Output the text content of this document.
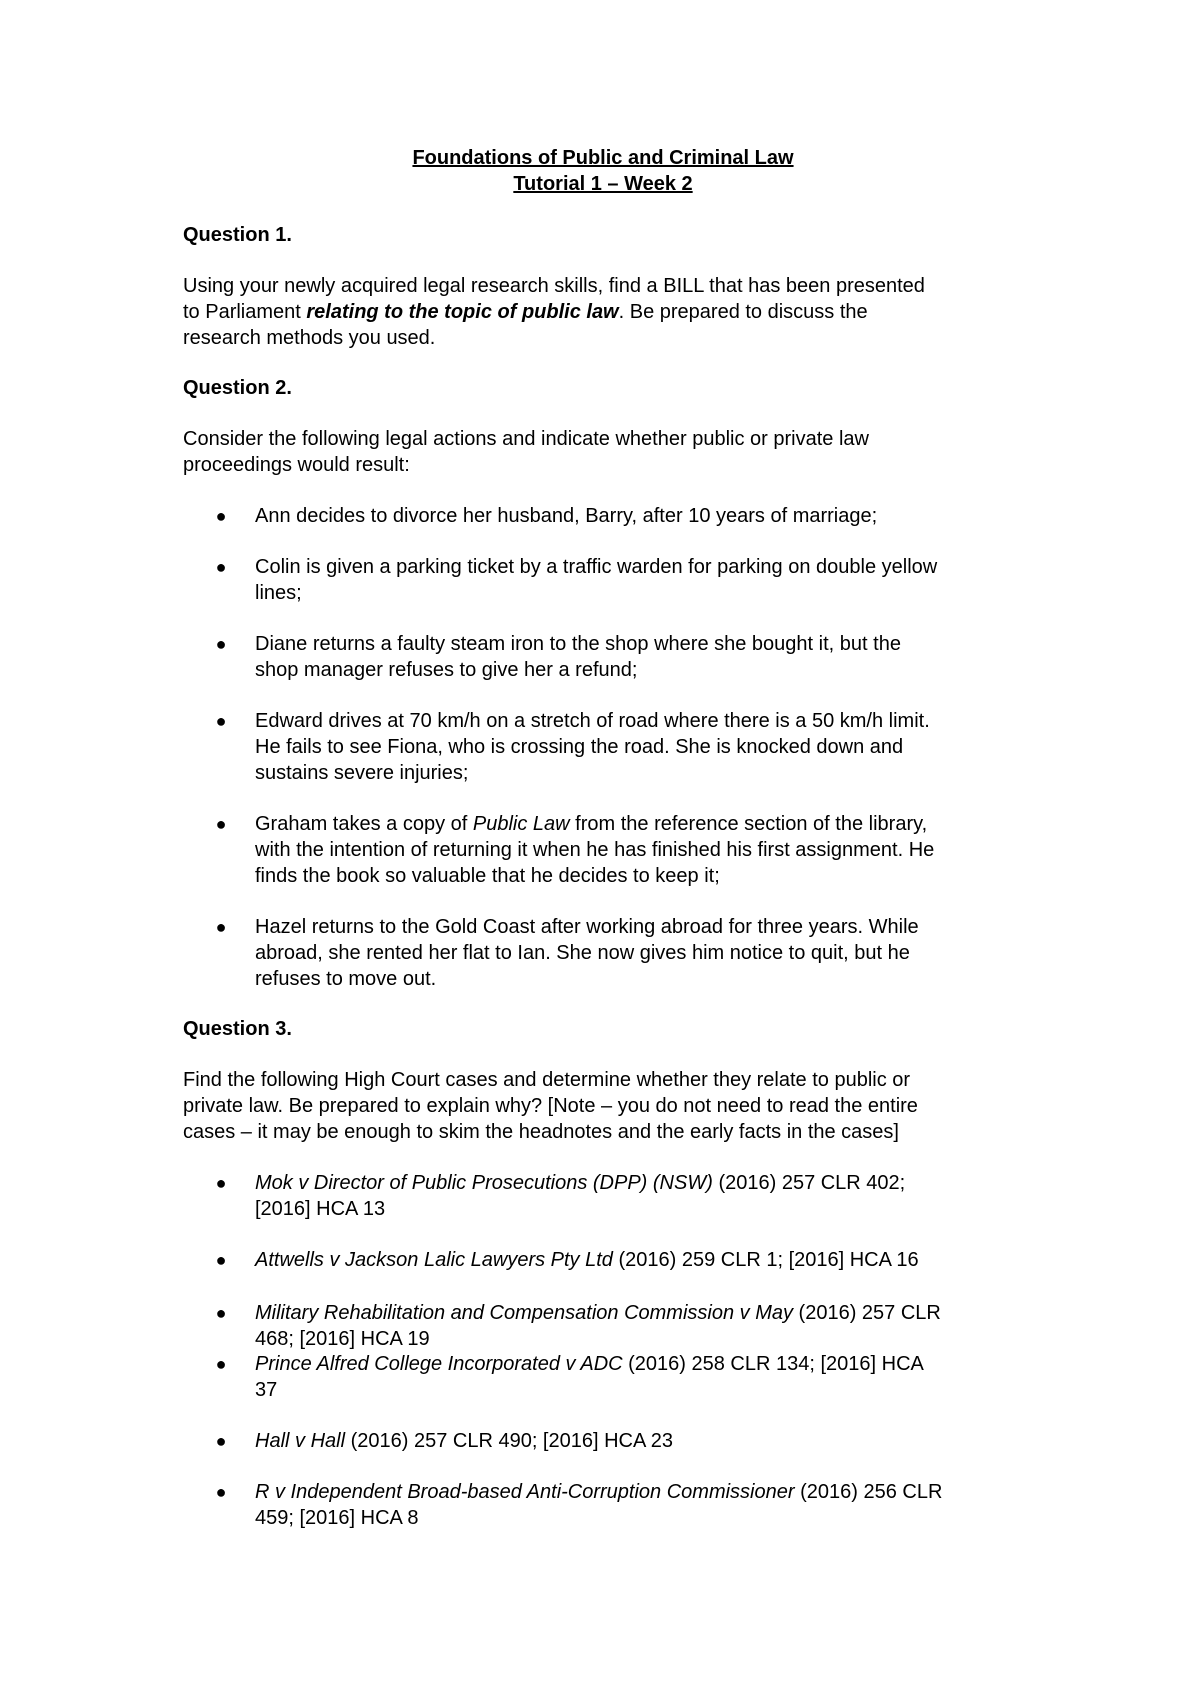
Foundations of Public and Criminal Law
Tutorial 1 – Week 2
Question 1.

Using your newly acquired legal research skills, find a BILL that has been presented

to Parliament relating to the topic of public law. Be prepared to discuss the

research methods you used.

Question 2.

Consider the following legal actions and indicate whether public or private law

proceedings would result:

● Ann decides to divorce her husband, Barry, after 10 years of marriage;
● Colin is given a parking ticket by a traffic warden for parking on double yellow
lines;
● Diane returns a faulty steam iron to the shop where she bought it, but the
shop manager refuses to give her a refund;
● Edward drives at 70 km/h on a stretch of road where there is a 50 km/h limit.
He fails to see Fiona, who is crossing the road. She is knocked down and
sustains severe injuries;
● Graham takes a copy of Public Law from the reference section of the library,
with the intention of returning it when he has finished his first assignment. He
finds the book so valuable that he decides to keep it;
● Hazel returns to the Gold Coast after working abroad for three years. While
abroad, she rented her flat to Ian. She now gives him notice to quit, but he
refuses to move out.
Question 3.

Find the following High Court cases and determine whether they relate to public or

private law. Be prepared to explain why? [Note – you do not need to read the entire

cases – it may be enough to skim the headnotes and the early facts in the cases]

● Mok v Director of Public Prosecutions (DPP) (NSW) (2016) 257 CLR 402;
[2016] HCA 13
● Attwells v Jackson Lalic Lawyers Pty Ltd (2016) 259 CLR 1; [2016] HCA 16
● Military Rehabilitation and Compensation Commission v May (2016) 257 CLR
468; [2016] HCA 19
● Prince Alfred College Incorporated v ADC (2016) 258 CLR 134; [2016] HCA
37
● Hall v Hall (2016) 257 CLR 490; [2016] HCA 23
● R v Independent Broad-based Anti-Corruption Commissioner (2016) 256 CLR
459; [2016] HCA 8
